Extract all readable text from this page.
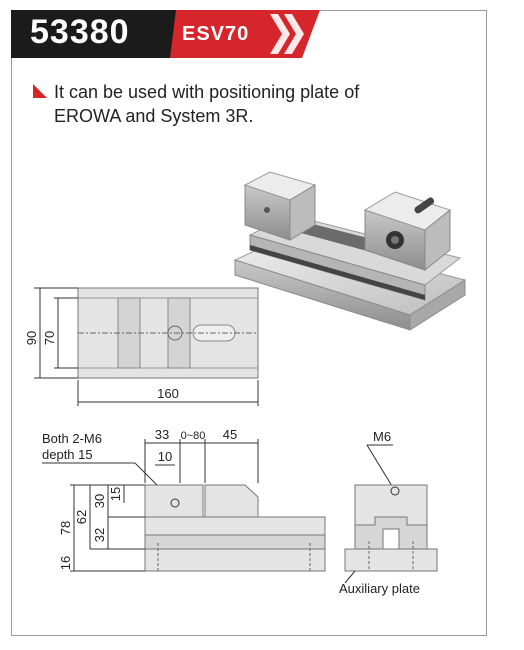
53380	ESV70
It can be used with positioning plate of
EROWA and System 3R.
90 70
160
Both 2-M6
depth 15
33 0~80 45
10
78
62
30
32
15
16
M6
Auxiliary plate
